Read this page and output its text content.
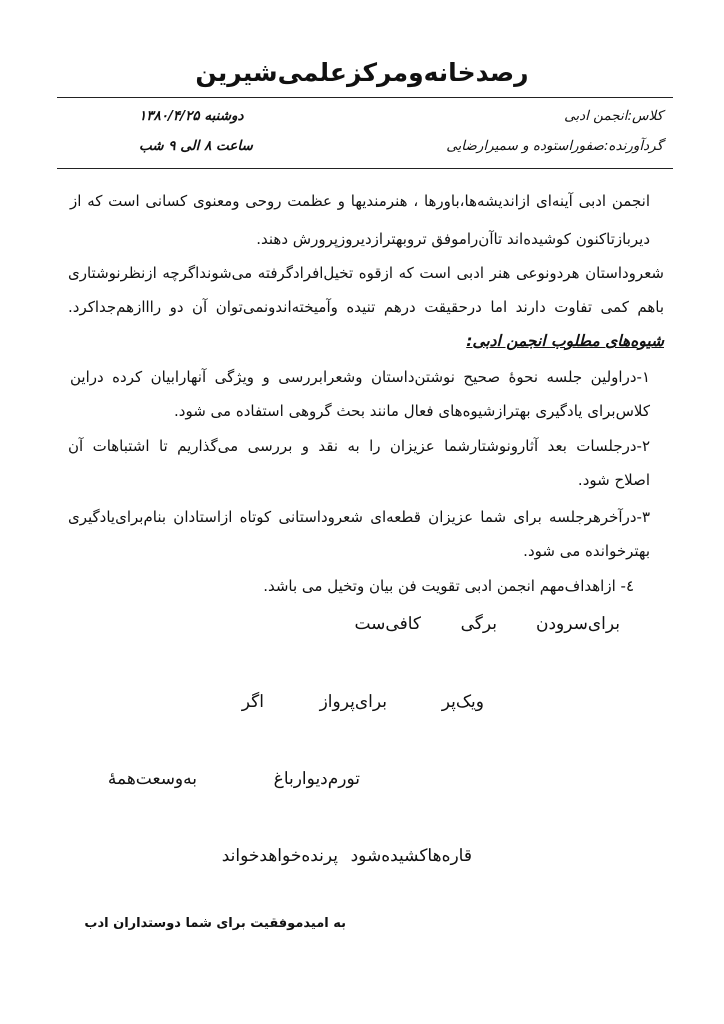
رصدخانه‌ومرکزعلمی‌شیرین
کلاس:انجمن ادبی
دوشنبه ۱۳۸۰/۴/۲۵
گردآورنده:صفوراستوده و سمیرارضایی
ساعت ۸ الی ۹ شب
انجمن ادبی آینه‌ای ازاندیشه‌ها،باورها ، هنرمندیها و عظمت روحی ومعنوی کسانی است که از
دیربازتاکنون کوشیده‌اند تاآن‌راموفق تروبهترازدیروزپرورش دهند.
شعروداستان هردونوعی هنر ادبی است که ازقوه تخیل‌افرادگرفته می‌شونداگرچه ازنظرنوشتاری
باهم کمی تفاوت دارند اما درحقیقت درهم تنیده وآمیخته‌اندونمی‌توان آن دو رااازهم‌جداکرد.
شیوه‌های مطلوب انجمن ادبی:
۱-دراولین جلسه نحوهٔ صحیح نوشتن‌داستان وشعرابررسی و ویژگی آنهارابیان کرده دراین
کلاس‌برای یادگیری بهترازشیوه‌های فعال مانند بحث گروهی استفاده می شود.
۲-درجلسات بعد آثارونوشتارشما عزیزان را به نقد و بررسی می‌گذاریم تا اشتباهات آن
اصلاح شود.
۳-درآخرهرجلسه برای شما عزیزان قطعه‌ای شعروداستانی کوتاه ازاستادان بنام‌برای‌یادگیری
بهترخوانده می شود.
٤- ازاهداف‌مهم انجمن ادبی تقویت فن بیان وتخیل می باشد.
برای‌سرودن
برگی
کافی‌ست
ویک‌پر
برای‌پرواز
اگر
تورم‌دیوارباغ
به‌وسعت‌همهٔ
قاره‌هاکشیده‌شود
پرنده‌خواهدخواند
به امیدموفقیت برای شما دوستداران ادب
